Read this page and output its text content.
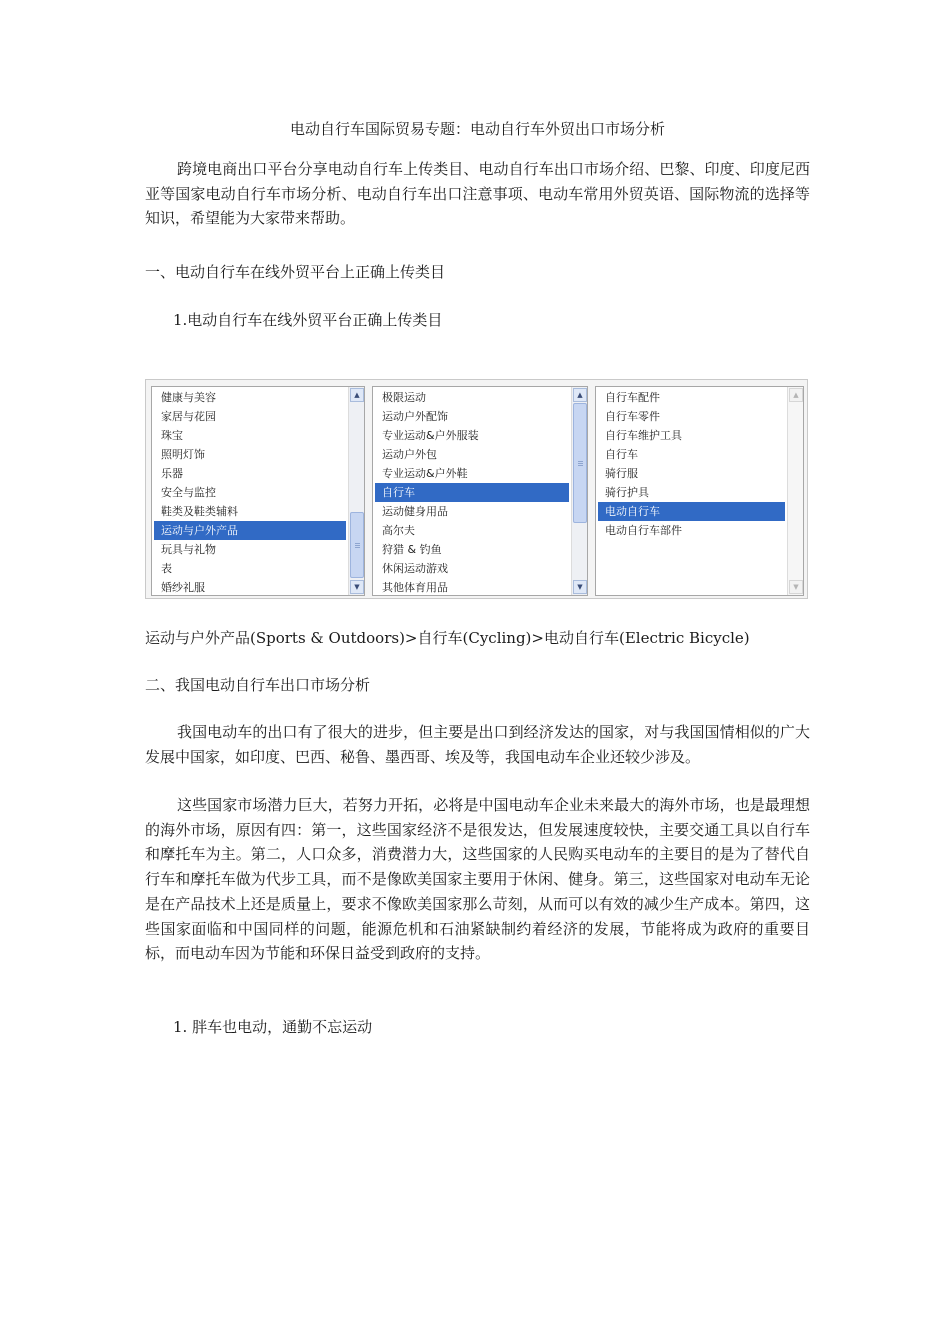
电动自行车国际贸易专题：电动自行车外贸出口市场分析

跨境电商出口平台分享电动自行车上传类目、电动自行车出口市场介绍、巴黎、印度、印度尼西亚等国家电动自行车市场分析、电动自行车出口注意事项、电动车常用外贸英语、国际物流的选择等知识，希望能为大家带来帮助。

一、电动自行车在线外贸平台上正确上传类目
1.电动自行车在线外贸平台正确上传类目
健康与美容
家居与花园
珠宝
照明灯饰
乐器
安全与监控
鞋类及鞋类辅料
运动与户外产品
玩具与礼物
表
婚纱礼服
▲
▼
极限运动
运动户外配饰
专业运动&户外服装
运动户外包
专业运动&户外鞋
自行车
运动健身用品
高尔夫
狩猎 & 钓鱼
休闲运动游戏
其他体育用品
▲
▼
自行车配件
自行车零件
自行车维护工具
自行车
骑行服
骑行护具
电动自行车
电动自行车部件
▲
▼
运动与户外产品(Sports & Outdoors)>自行车(Cycling)>电动自行车(Electric Bicycle)
二、我国电动自行车出口市场分析

我国电动车的出口有了很大的进步，但主要是出口到经济发达的国家，对与我国国情相似的广大发展中国家，如印度、巴西、秘鲁、墨西哥、埃及等，我国电动车企业还较少涉及。

这些国家市场潜力巨大，若努力开拓，必将是中国电动车企业未来最大的海外市场，也是最理想的海外市场，原因有四：第一，这些国家经济不是很发达，但发展速度较快，主要交通工具以自行车和摩托车为主。第二，人口众多，消费潜力大，这些国家的人民购买电动车的主要目的是为了替代自行车和摩托车做为代步工具，而不是像欧美国家主要用于休闲、健身。第三，这些国家对电动车无论是在产品技术上还是质量上，要求不像欧美国家那么苛刻，从而可以有效的减少生产成本。第四，这些国家面临和中国同样的问题，能源危机和石油紧缺制约着经济的发展，节能将成为政府的重要目标，而电动车因为节能和环保日益受到政府的支持。

1. 胖车也电动，通勤不忘运动
